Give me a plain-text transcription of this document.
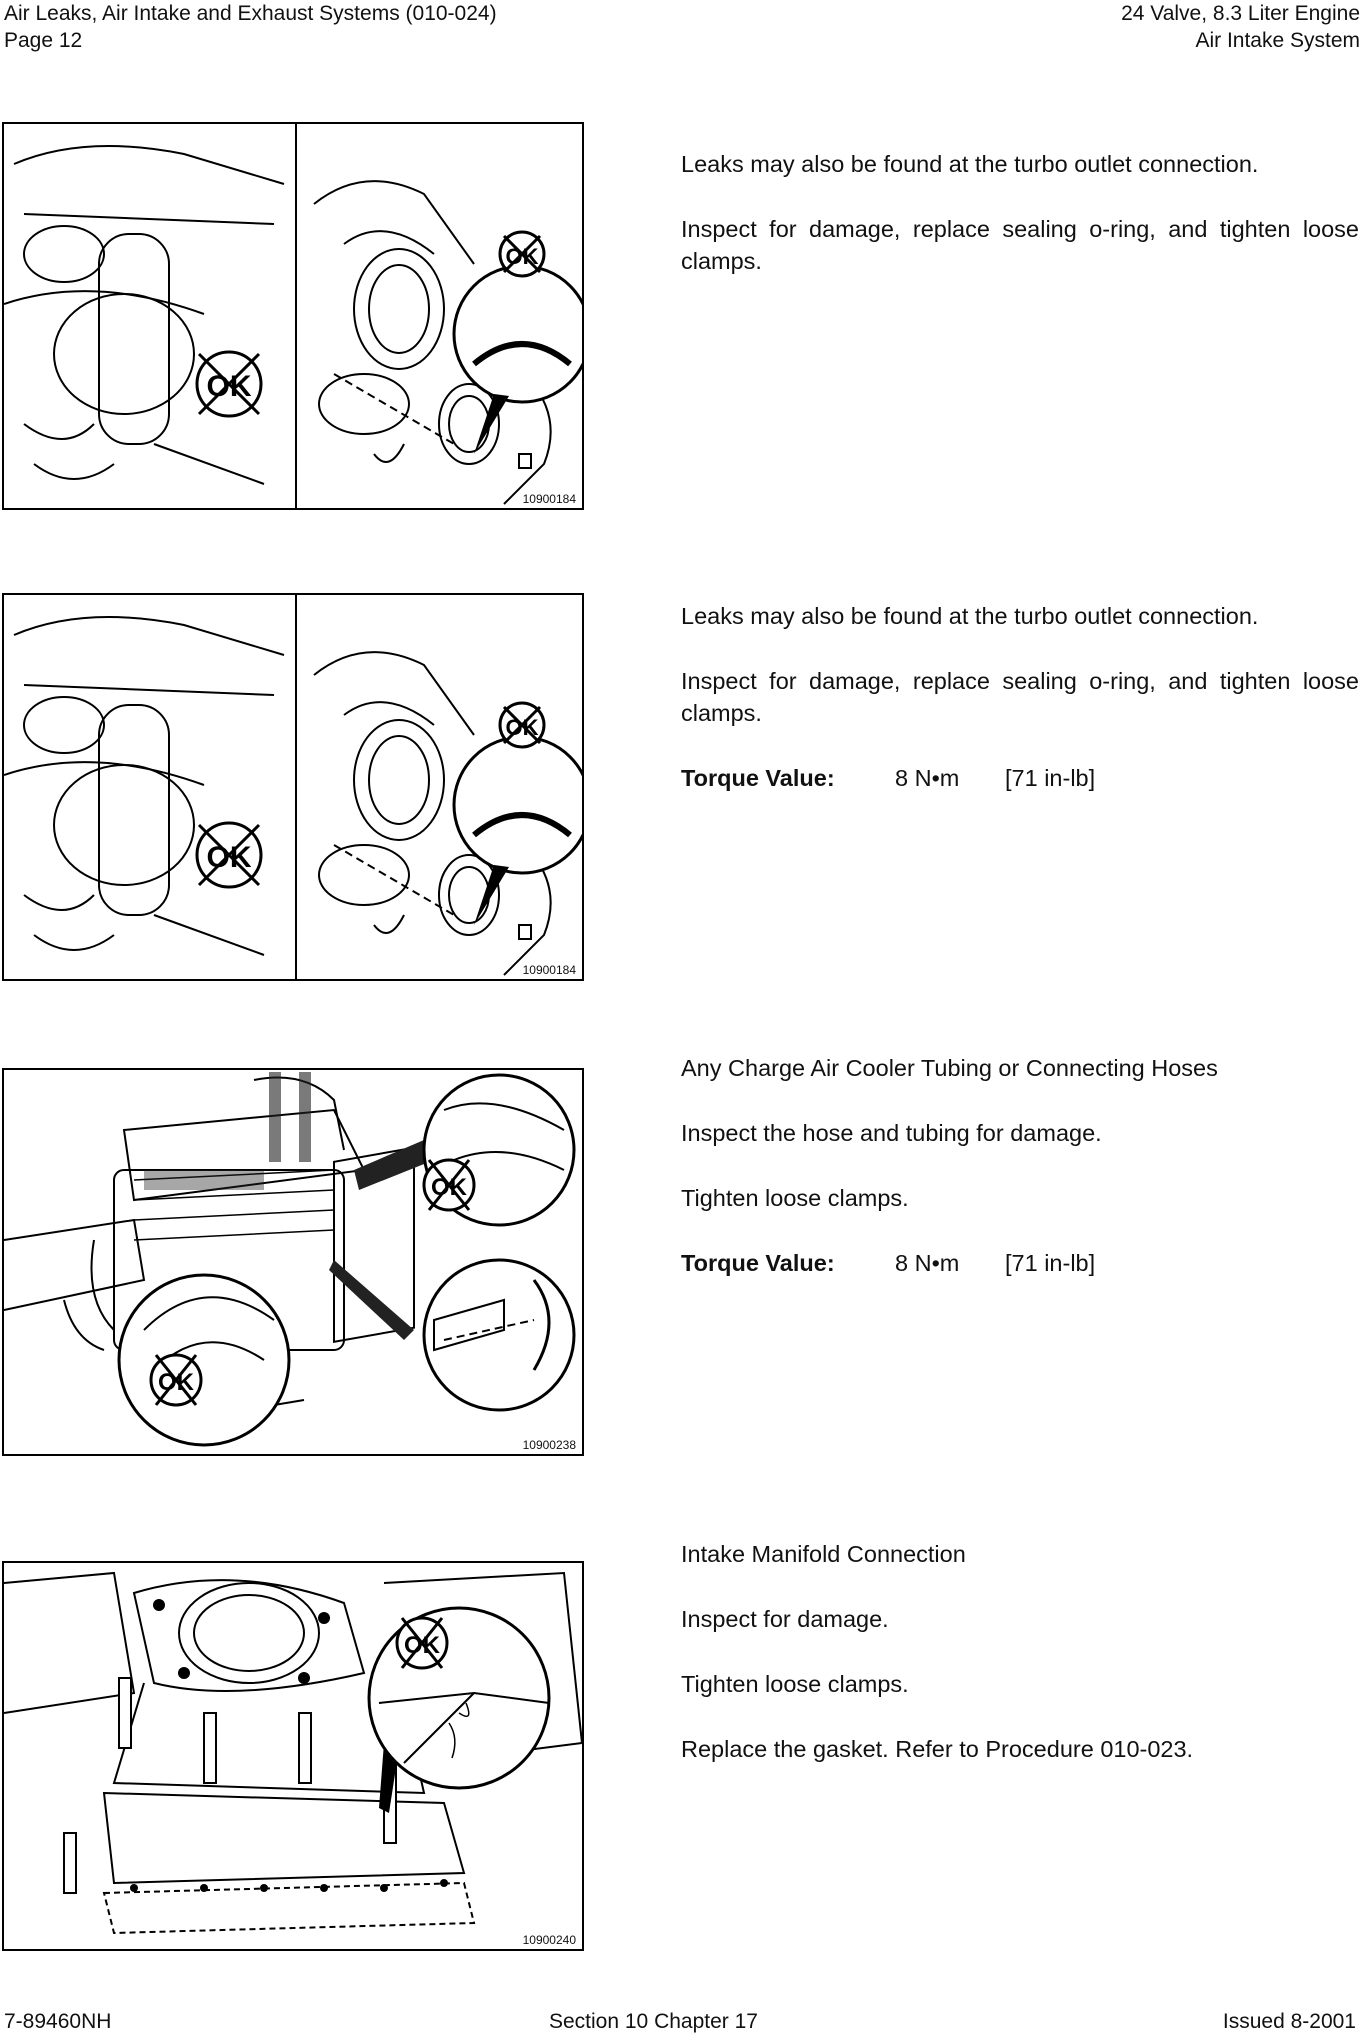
Air Leaks, Air Intake and Exhaust Systems (010-024)
Page 12
24 Valve, 8.3 Liter Engine
Air Intake System
OK
OK
10900184

Leaks may also be found at the turbo outlet connection.

Inspect for damage, replace sealing o-ring, and tighten loose clamps.

OK
OK
10900184

Leaks may also be found at the turbo outlet connection.

Inspect for damage, replace sealing o-ring, and tighten loose clamps.

Torque Value:	8 N•m	[71 in-lb]
OK
OK
10900238

Any Charge Air Cooler Tubing or Connecting Hoses

Inspect the hose and tubing for damage.

Tighten loose clamps.

Torque Value:	8 N•m	[71 in-lb]
OK
10900240

Intake Manifold Connection

Inspect for damage.

Tighten loose clamps.

Replace the gasket. Refer to Procedure 010-023.

7-89460NH	Section 10 Chapter 17	Issued 8-2001
